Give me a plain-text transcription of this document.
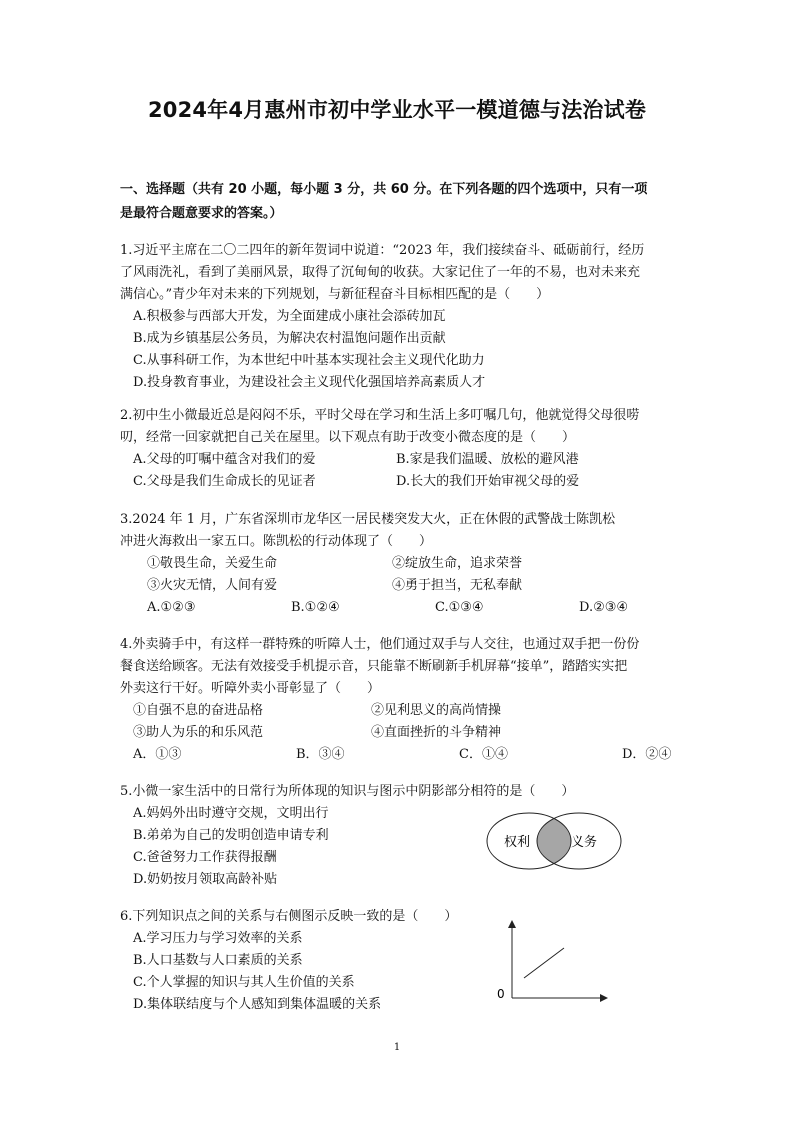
2024年4月惠州市初中学业水平一模道德与法治试卷
一、选择题（共有 20 小题，每小题 3 分，共 60 分。在下列各题的四个选项中，只有一项
是最符合题意要求的答案。）
1.习近平主席在二〇二四年的新年贺词中说道：“2023 年，我们接续奋斗、砥砺前行，经历
了风雨洗礼，看到了美丽风景，取得了沉甸甸的收获。大家记住了一年的不易，也对未来充
满信心。”青少年对未来的下列规划，与新征程奋斗目标相匹配的是（　　）
A.积极参与西部大开发，为全面建成小康社会添砖加瓦
B.成为乡镇基层公务员，为解决农村温饱问题作出贡献
C.从事科研工作，为本世纪中叶基本实现社会主义现代化助力
D.投身教育事业，为建设社会主义现代化强国培养高素质人才
2.初中生小微最近总是闷闷不乐，平时父母在学习和生活上多叮嘱几句，他就觉得父母很唠
叨，经常一回家就把自己关在屋里。以下观点有助于改变小微态度的是（　　）
A.父母的叮嘱中蕴含对我们的爱	B.家是我们温暖、放松的避风港
C.父母是我们生命成长的见证者	D.长大的我们开始审视父母的爱
3.2024 年 1 月，广东省深圳市龙华区一居民楼突发大火，正在休假的武警战士陈凯松
冲进火海救出一家五口。陈凯松的行动体现了（　　）
①敬畏生命，关爱生命	②绽放生命，追求荣誉
③火灾无情，人间有爱	④勇于担当，无私奉献
A.①②③	B.①②④	C.①③④	D.②③④
4.外卖骑手中，有这样一群特殊的听障人士，他们通过双手与人交往，也通过双手把一份份
餐食送给顾客。无法有效接受手机提示音，只能靠不断刷新手机屏幕“接单”，踏踏实实把
外卖这行干好。听障外卖小哥彰显了（　　）
①自强不息的奋进品格	②见利思义的高尚情操
③助人为乐的和乐风范	④直面挫折的斗争精神
A．①③	B．③④	C．①④	D．②④
5.小微一家生活中的日常行为所体现的知识与图示中阴影部分相符的是（　　）
A.妈妈外出时遵守交规，文明出行
B.弟弟为自己的发明创造申请专利
C.爸爸努力工作获得报酬
D.奶奶按月领取高龄补贴
权利	义务
6.下列知识点之间的关系与右侧图示反映一致的是（　　）
A.学习压力与学习效率的关系
B.人口基数与人口素质的关系
C.个人掌握的知识与其人生价值的关系
D.集体联结度与个人感知到集体温暖的关系
0
1
